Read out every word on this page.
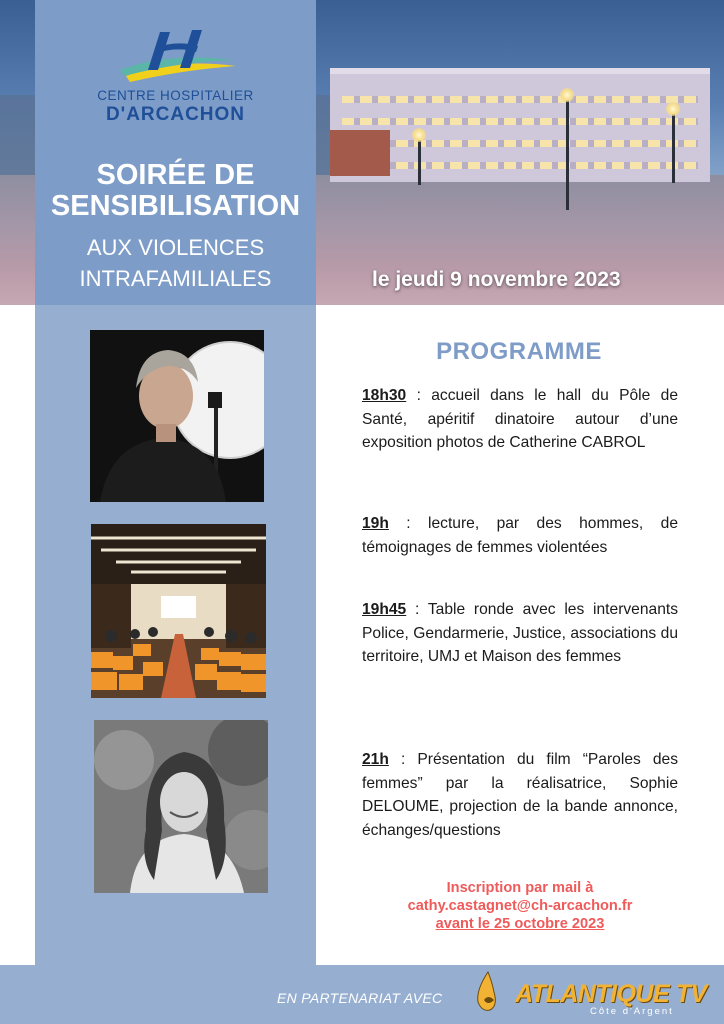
CENTRE HOSPITALIER
D'ARCACHON
SOIRÉE DE
SENSIBILISATION
AUX VIOLENCES
INTRAFAMILIALES	le jeudi 9 novembre 2023
PROGRAMME
18h30 : accueil dans le hall du Pôle de Santé, apéritif dinatoire autour d’une exposition photos de Catherine CABROL
19h : lecture, par des hommes, de témoignages de femmes violentées
19h45 : Table ronde avec les intervenants Police, Gendarmerie, Justice, associations du territoire, UMJ et Maison des femmes
21h : Présentation du film “Paroles des femmes” par la réalisatrice, Sophie DELOUME, projection de la bande annonce, échanges/questions
Inscription par mail à
cathy.castagnet@ch-arcachon.fr
avant le 25 octobre 2023
EN PARTENARIAT AVEC	ATLANTIQUE TV
Côte d'Argent
